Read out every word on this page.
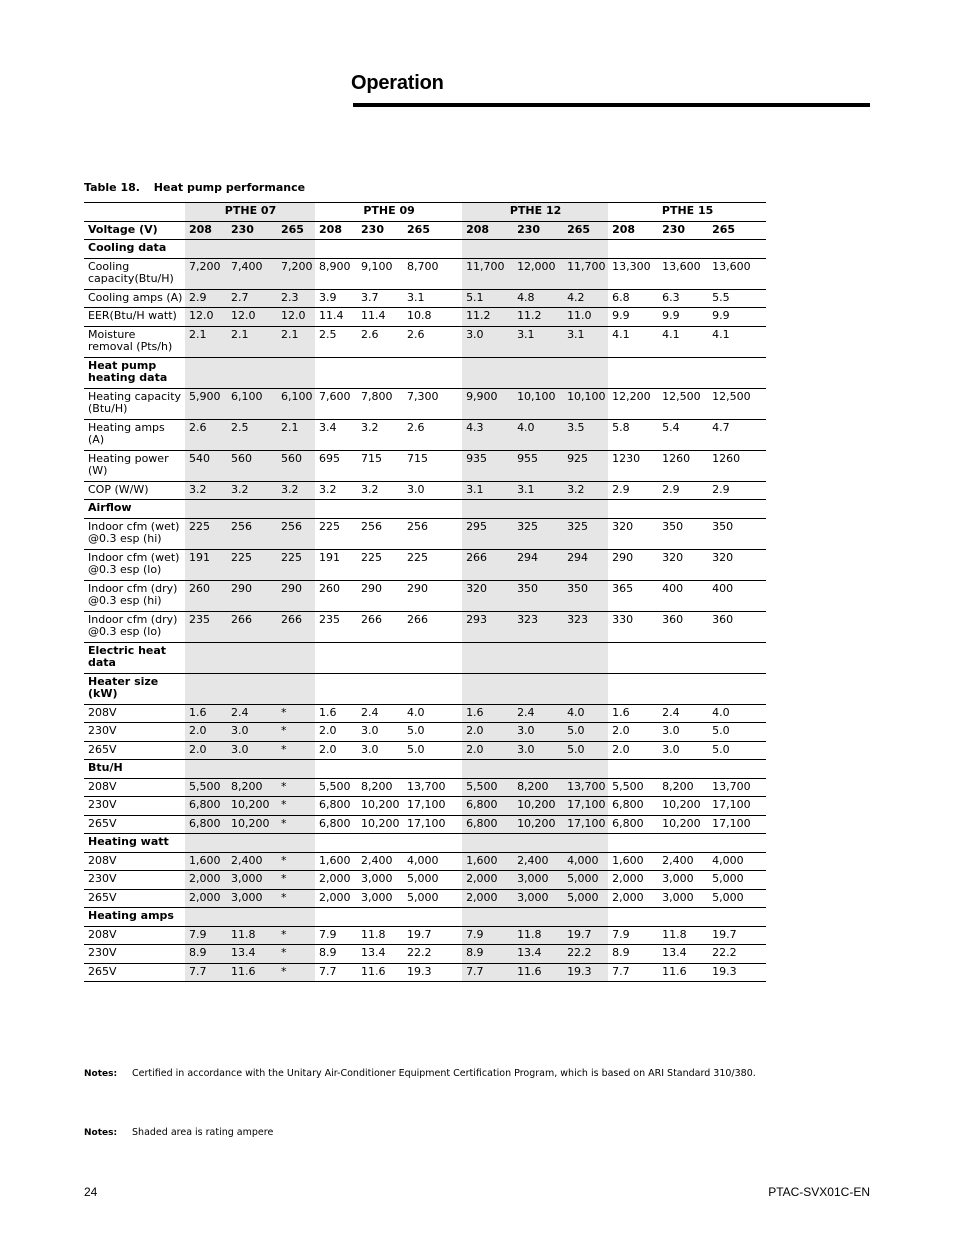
Operation
Table 18. Heat pump performance
	PTHE 07			PTHE 09			PTHE 12			PTHE 15		
Voltage (V)	208	230	265	208	230	265	208	230	265	208	230	265
Cooling data												
Cooling capacity(Btu/H)	7,200	7,400	7,200	8,900	9,100	8,700	11,700	12,000	11,700	13,300	13,600	13,600
Cooling amps (A)	2.9	2.7	2.3	3.9	3.7	3.1	5.1	4.8	4.2	6.8	6.3	5.5
EER(Btu/H watt)	12.0	12.0	12.0	11.4	11.4	10.8	11.2	11.2	11.0	9.9	9.9	9.9
Moisture removal (Pts/h)	2.1	2.1	2.1	2.5	2.6	2.6	3.0	3.1	3.1	4.1	4.1	4.1
Heat pump heating data												
Heating capacity (Btu/H)	5,900	6,100	6,100	7,600	7,800	7,300	9,900	10,100	10,100	12,200	12,500	12,500
Heating amps (A)	2.6	2.5	2.1	3.4	3.2	2.6	4.3	4.0	3.5	5.8	5.4	4.7
Heating power (W)	540	560	560	695	715	715	935	955	925	1230	1260	1260
COP (W/W)	3.2	3.2	3.2	3.2	3.2	3.0	3.1	3.1	3.2	2.9	2.9	2.9
Airflow												
Indoor cfm (wet) @0.3 esp (hi)	225	256	256	225	256	256	295	325	325	320	350	350
Indoor cfm (wet) @0.3 esp (lo)	191	225	225	191	225	225	266	294	294	290	320	320
Indoor cfm (dry) @0.3 esp (hi)	260	290	290	260	290	290	320	350	350	365	400	400
Indoor cfm (dry) @0.3 esp (lo)	235	266	266	235	266	266	293	323	323	330	360	360
Electric heat data												
Heater size (kW)												
208V	1.6	2.4	*	1.6	2.4	4.0	1.6	2.4	4.0	1.6	2.4	4.0
230V	2.0	3.0	*	2.0	3.0	5.0	2.0	3.0	5.0	2.0	3.0	5.0
265V	2.0	3.0	*	2.0	3.0	5.0	2.0	3.0	5.0	2.0	3.0	5.0
Btu/H												
208V	5,500	8,200	*	5,500	8,200	13,700	5,500	8,200	13,700	5,500	8,200	13,700
230V	6,800	10,200	*	6,800	10,200	17,100	6,800	10,200	17,100	6,800	10,200	17,100
265V	6,800	10,200	*	6,800	10,200	17,100	6,800	10,200	17,100	6,800	10,200	17,100
Heating watt												
208V	1,600	2,400	*	1,600	2,400	4,000	1,600	2,400	4,000	1,600	2,400	4,000
230V	2,000	3,000	*	2,000	3,000	5,000	2,000	3,000	5,000	2,000	3,000	5,000
265V	2,000	3,000	*	2,000	3,000	5,000	2,000	3,000	5,000	2,000	3,000	5,000
Heating amps												
208V	7.9	11.8	*	7.9	11.8	19.7	7.9	11.8	19.7	7.9	11.8	19.7
230V	8.9	13.4	*	8.9	13.4	22.2	8.9	13.4	22.2	8.9	13.4	22.2
265V	7.7	11.6	*	7.7	11.6	19.3	7.7	11.6	19.3	7.7	11.6	19.3
Notes: Certified in accordance with the Unitary Air-Conditioner Equipment Certification Program, which is based on ARI Standard 310/380.
Notes: Shaded area is rating ampere
24	PTAC-SVX01C-EN
